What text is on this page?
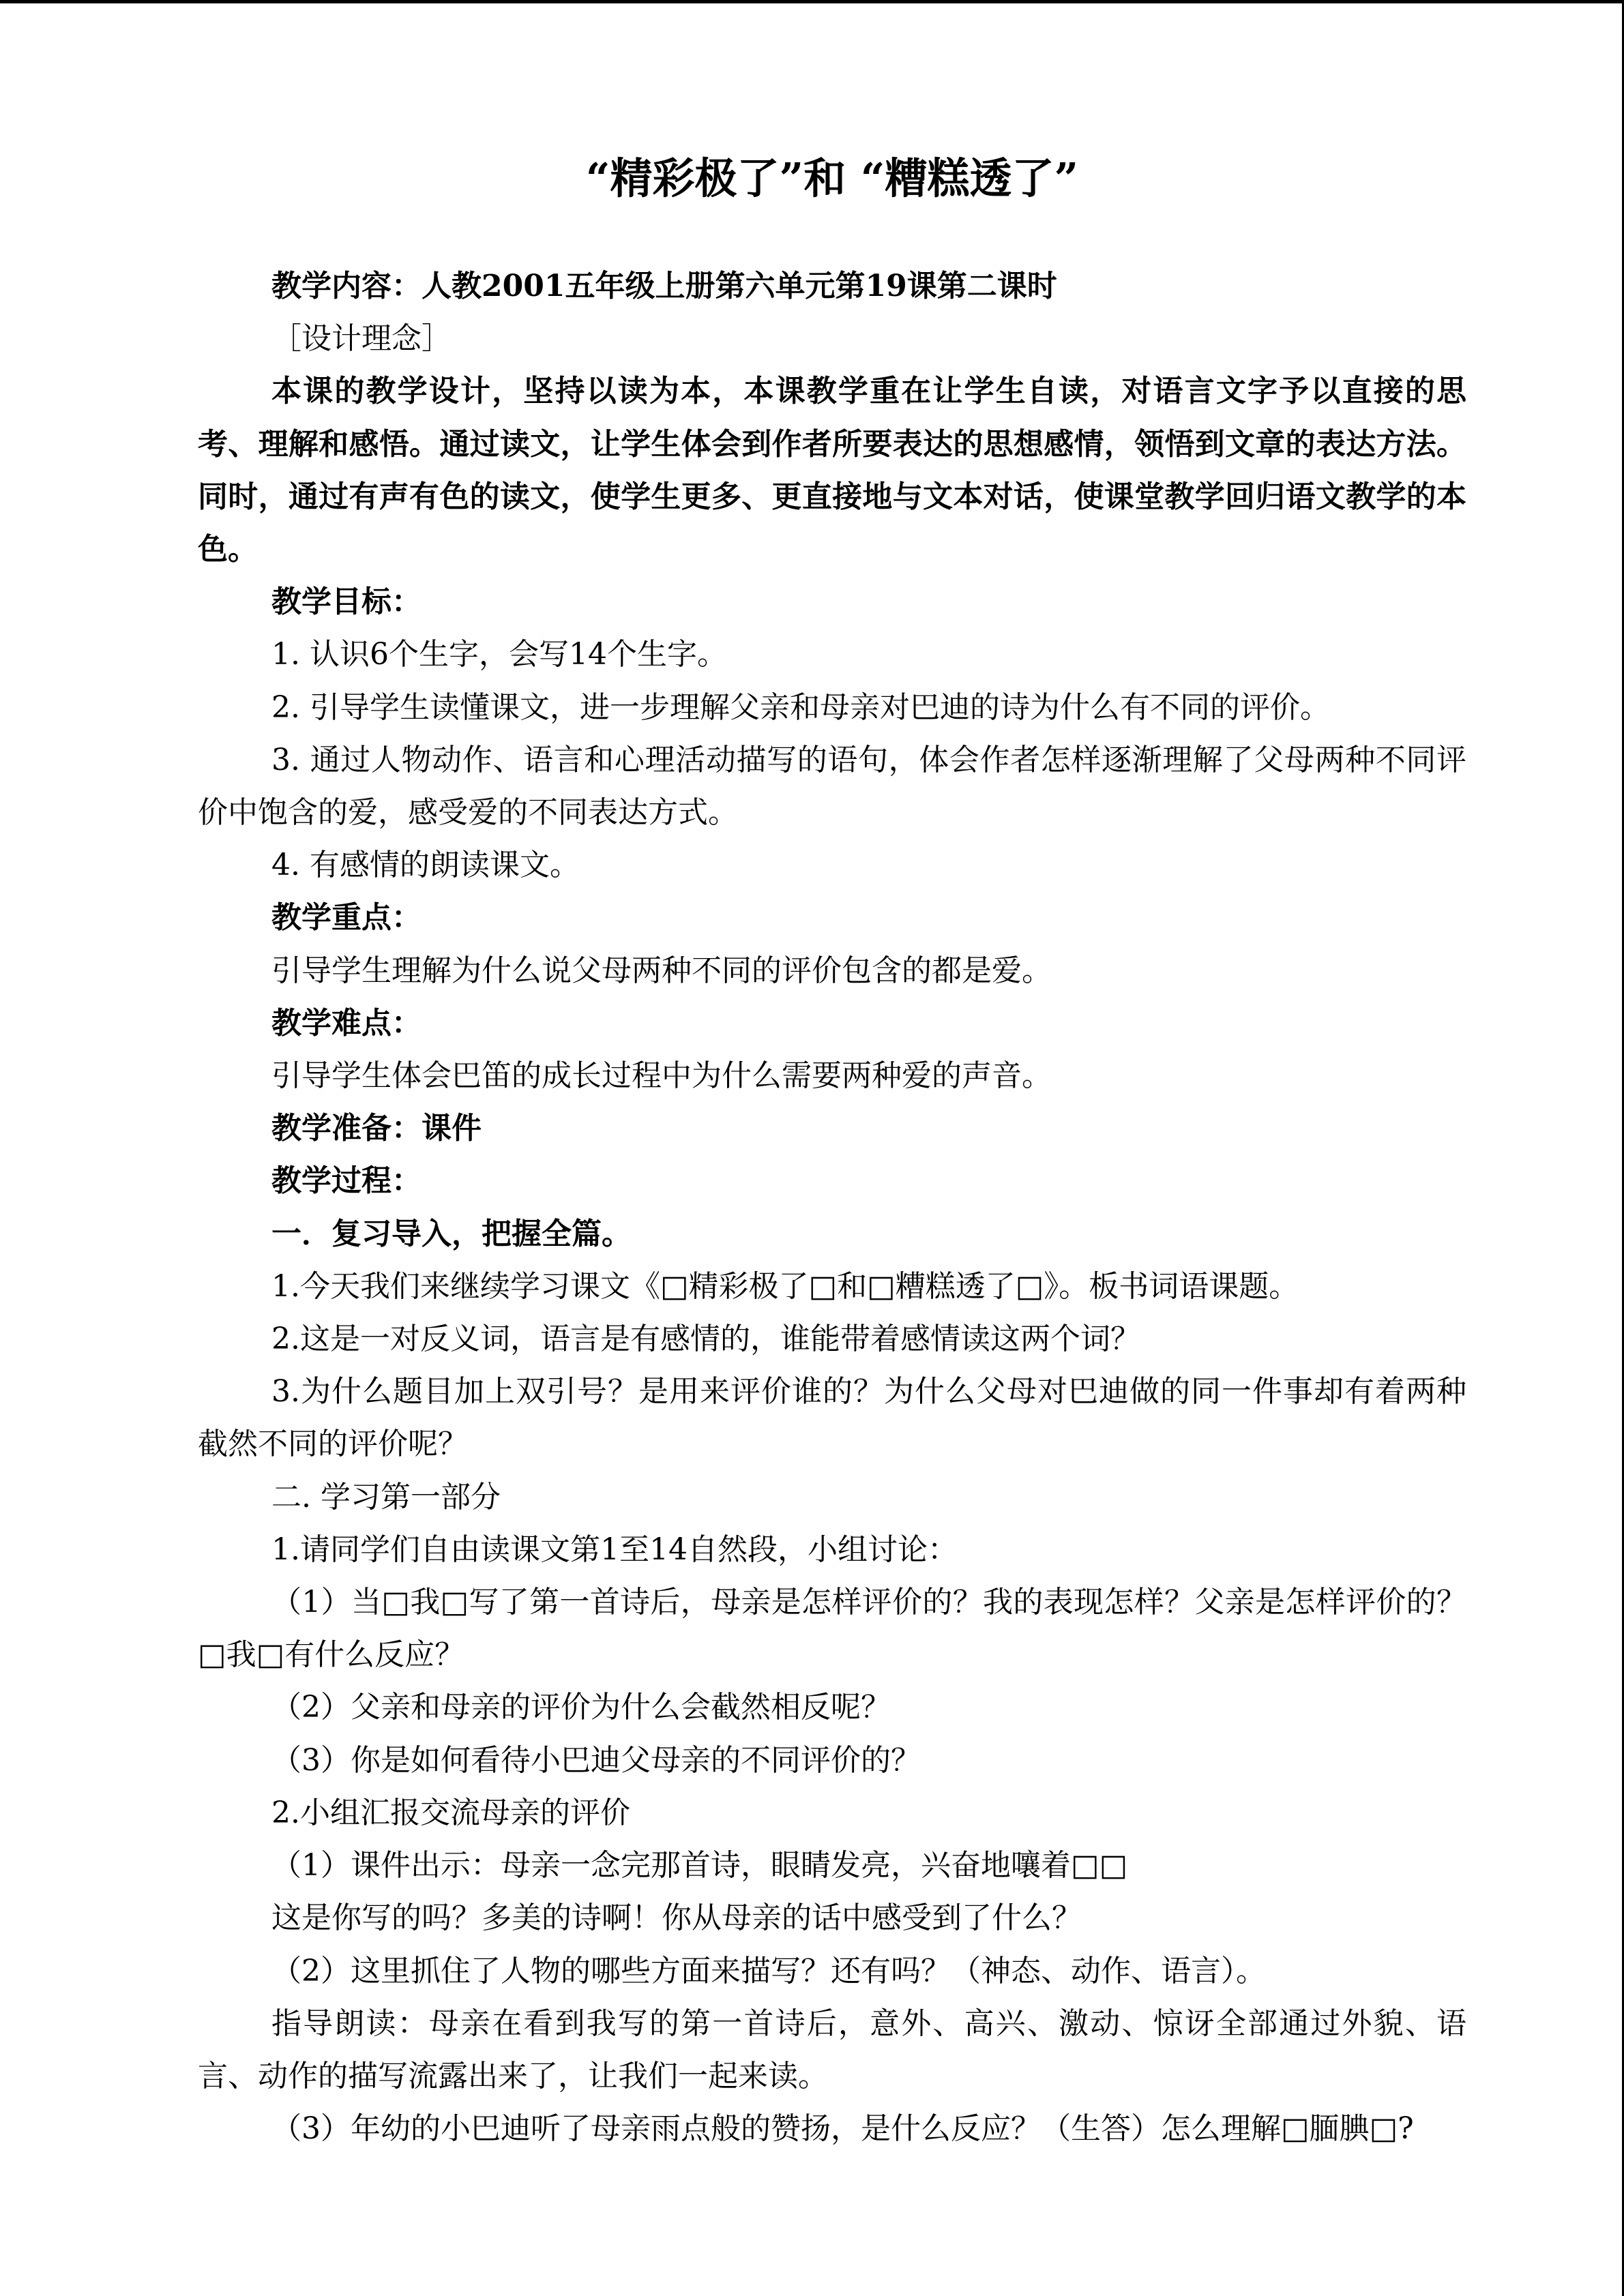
“精彩极了”和 “糟糕透了”

教学内容：人教2001五年级上册第六单元第19课第二课时

［设计理念］

本课的教学设计，坚持以读为本，本课教学重在让学生自读，对语言文字予以直接的思考、理解和感悟。通过读文，让学生体会到作者所要表达的思想感情，领悟到文章的表达方法。同时，通过有声有色的读文，使学生更多、更直接地与文本对话，使课堂教学回归语文教学的本色。

教学目标：

1. 认识6个生字，会写14个生字。

2. 引导学生读懂课文，进一步理解父亲和母亲对巴迪的诗为什么有不同的评价。

3. 通过人物动作、语言和心理活动描写的语句，体会作者怎样逐渐理解了父母两种不同评价中饱含的爱，感受爱的不同表达方式。

4. 有感情的朗读课文。

教学重点：

引导学生理解为什么说父母两种不同的评价包含的都是爱。

教学难点：

引导学生体会巴笛的成长过程中为什么需要两种爱的声音。

教学准备：课件

教学过程：

一．复习导入，把握全篇。

1.今天我们来继续学习课文《□精彩极了□和□糟糕透了□》。板书词语课题。

2.这是一对反义词，语言是有感情的，谁能带着感情读这两个词？

3.为什么题目加上双引号？是用来评价谁的？为什么父母对巴迪做的同一件事却有着两种截然不同的评价呢？

二. 学习第一部分

1.请同学们自由读课文第1至14自然段，小组讨论：

（1）当□我□写了第一首诗后，母亲是怎样评价的？我的表现怎样？父亲是怎样评价的？□我□有什么反应？

（2）父亲和母亲的评价为什么会截然相反呢？

（3）你是如何看待小巴迪父母亲的不同评价的？

2.小组汇报交流母亲的评价

（1）课件出示：母亲一念完那首诗，眼睛发亮，兴奋地嚷着□□

这是你写的吗？多美的诗啊！你从母亲的话中感受到了什么？

（2）这里抓住了人物的哪些方面来描写？还有吗？（神态、动作、语言）。

指导朗读：母亲在看到我写的第一首诗后，意外、高兴、激动、惊讶全部通过外貌、语言、动作的描写流露出来了，让我们一起来读。

（3）年幼的小巴迪听了母亲雨点般的赞扬，是什么反应？（生答）怎么理解□腼腆□?
